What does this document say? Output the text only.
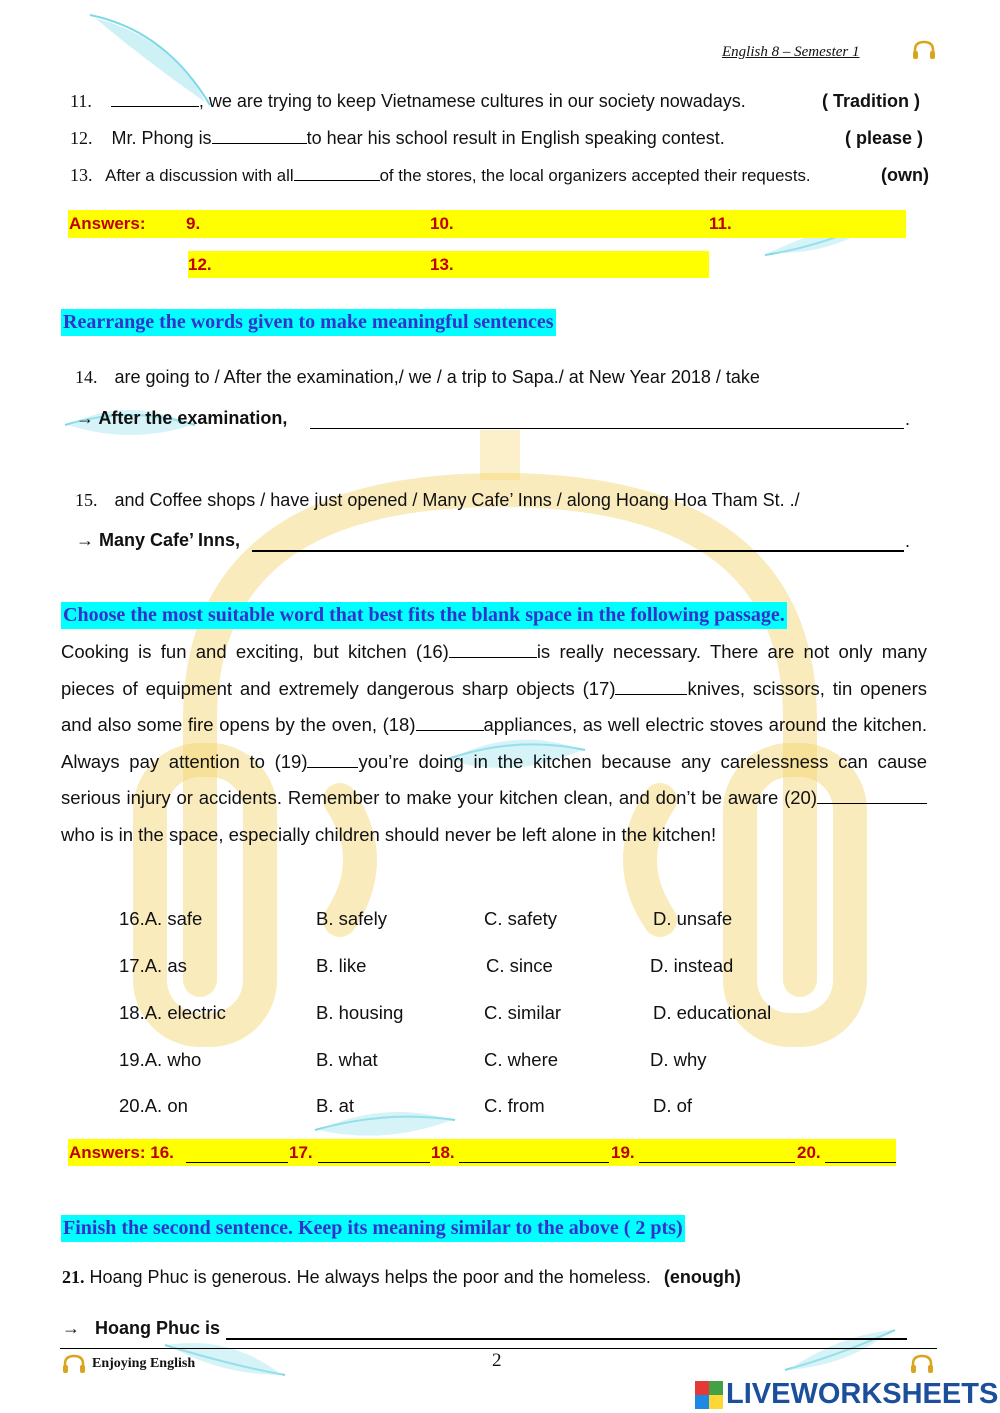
English 8 – Semester 1
11.	, we are trying to keep Vietnamese cultures in our society nowadays.	( Tradition )
12. Mr. Phong is	to hear his school result in English speaking contest.	( please )
13. After a discussion with all	of the stores, the local organizers accepted their requests.	(own)
Answers: 9.	10.	11.
12.	13.
Rearrange the words given to make meaningful sentences
14. are going to / After the examination,/ we / a trip to Sapa./ at New Year 2018 / take
→ After the examination,	.
15. and Coffee shops / have just opened / Many Cafe’ Inns / along Hoang Hoa Tham St. ./
→ Many Cafe’ Inns,	.
Choose the most suitable word that best fits the blank space in the following passage.
Cooking is fun and exciting, but kitchen (16)	is really necessary. There are not only many pieces of equipment and extremely dangerous sharp objects (17)	knives, scissors, tin openers and also some fire opens by the oven, (18)	appliances, as well electric stoves around the kitchen. Always pay attention to (19)	you’re doing in the kitchen because any carelessness can cause serious injury or accidents. Remember to make your kitchen clean, and don’t be aware (20)who is in the space, especially children should never be left alone in the kitchen!
16.A. safe	B. safely	C. safety	D. unsafe
17.A. as	B. like	C. since	D. instead
18.A. electric	B. housing	C. similar	D. educational
19.A. who	B. what	C. where	D. why
20.A. on	B. at	C. from	D. of
Answers: 16.	17.	18.	19.	20.
Finish the second sentence. Keep its meaning similar to the above ( 2 pts)
21. Hoang Phuc is generous. He always helps the poor and the homeless. (enough)
→ Hoang Phuc is
Enjoying English	2
LIVEWORKSHEETS
